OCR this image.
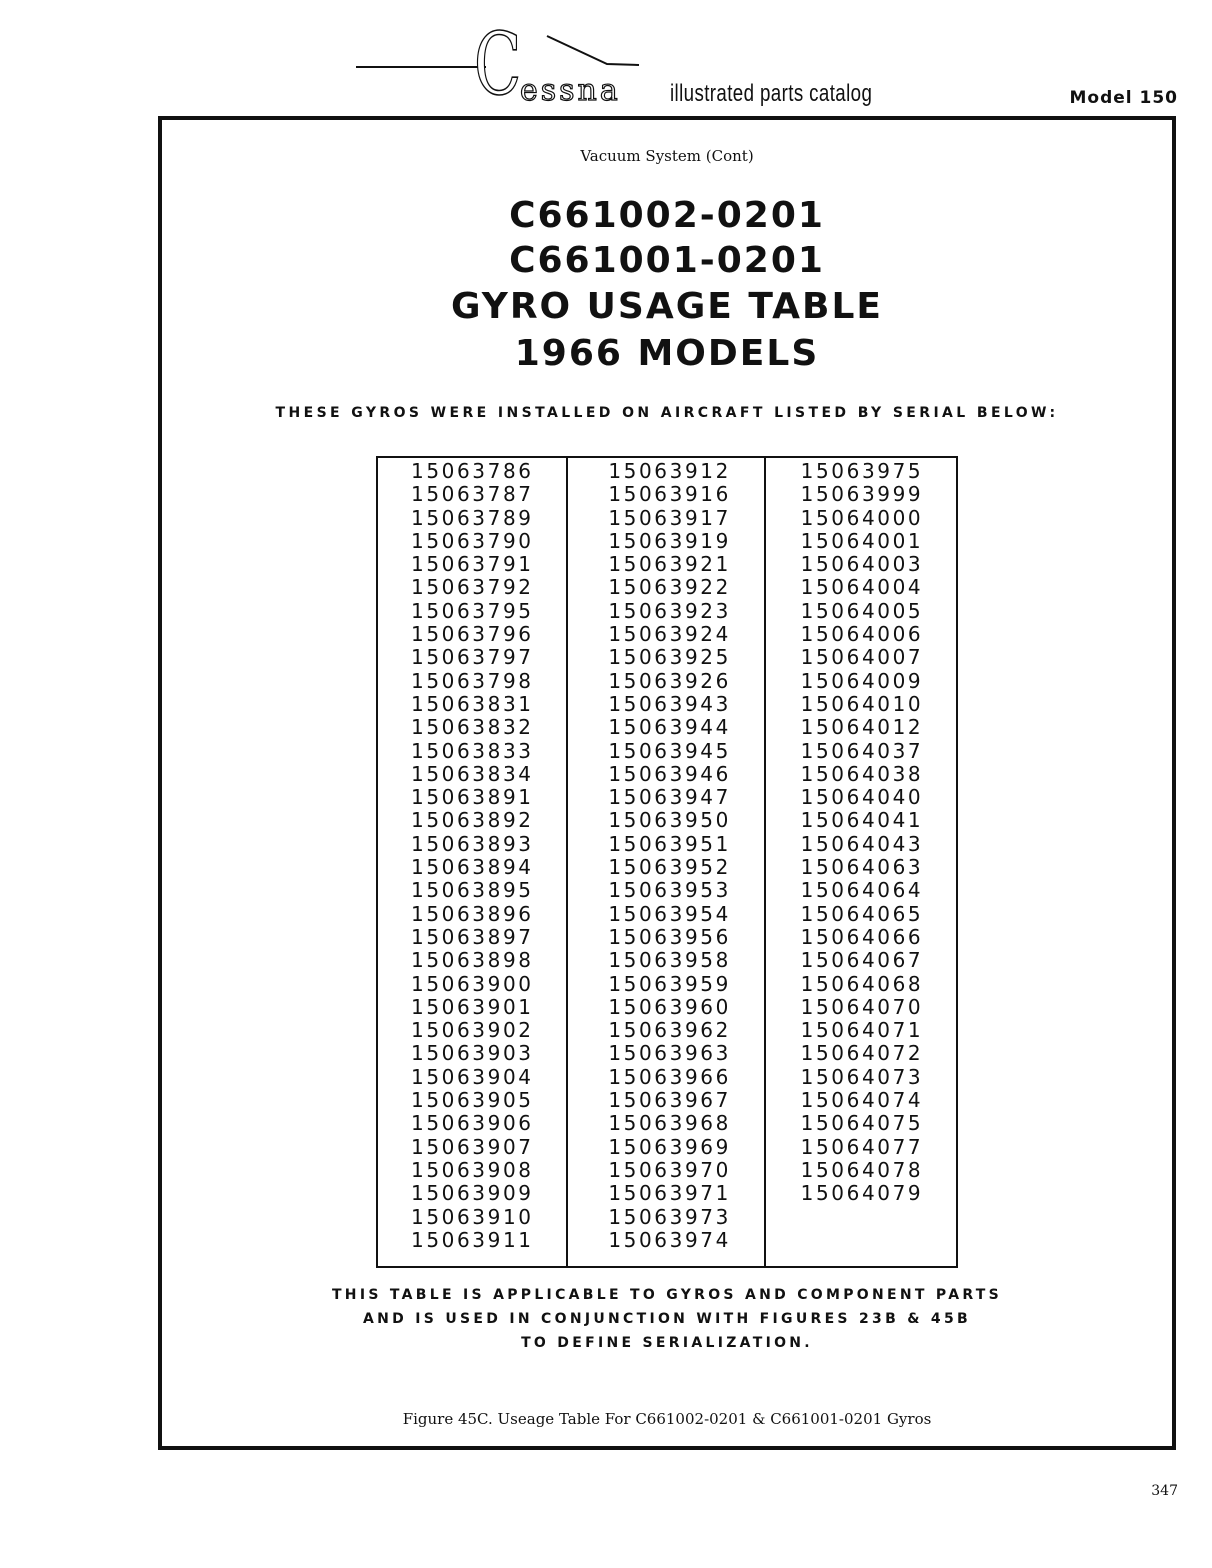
C
essna illustrated parts catalog	Model 150
Vacuum System (Cont)
C661002-0201
C661001-0201
GYRO USAGE TABLE
1966 MODELS
THESE GYROS WERE INSTALLED ON AIRCRAFT LISTED BY SERIAL BELOW:
15063786
15063787
15063789
15063790
15063791
15063792
15063795
15063796
15063797
15063798
15063831
15063832
15063833
15063834
15063891
15063892
15063893
15063894
15063895
15063896
15063897
15063898
15063900
15063901
15063902
15063903
15063904
15063905
15063906
15063907
15063908
15063909
15063910
15063911
15063912
15063916
15063917
15063919
15063921
15063922
15063923
15063924
15063925
15063926
15063943
15063944
15063945
15063946
15063947
15063950
15063951
15063952
15063953
15063954
15063956
15063958
15063959
15063960
15063962
15063963
15063966
15063967
15063968
15063969
15063970
15063971
15063973
15063974
15063975
15063999
15064000
15064001
15064003
15064004
15064005
15064006
15064007
15064009
15064010
15064012
15064037
15064038
15064040
15064041
15064043
15064063
15064064
15064065
15064066
15064067
15064068
15064070
15064071
15064072
15064073
15064074
15064075
15064077
15064078
15064079
THIS TABLE IS APPLICABLE TO GYROS AND COMPONENT PARTS
AND IS USED IN CONJUNCTION WITH FIGURES 23B & 45B
TO DEFINE SERIALIZATION.
Figure 45C. Useage Table For C661002-0201 & C661001-0201 Gyros
347
